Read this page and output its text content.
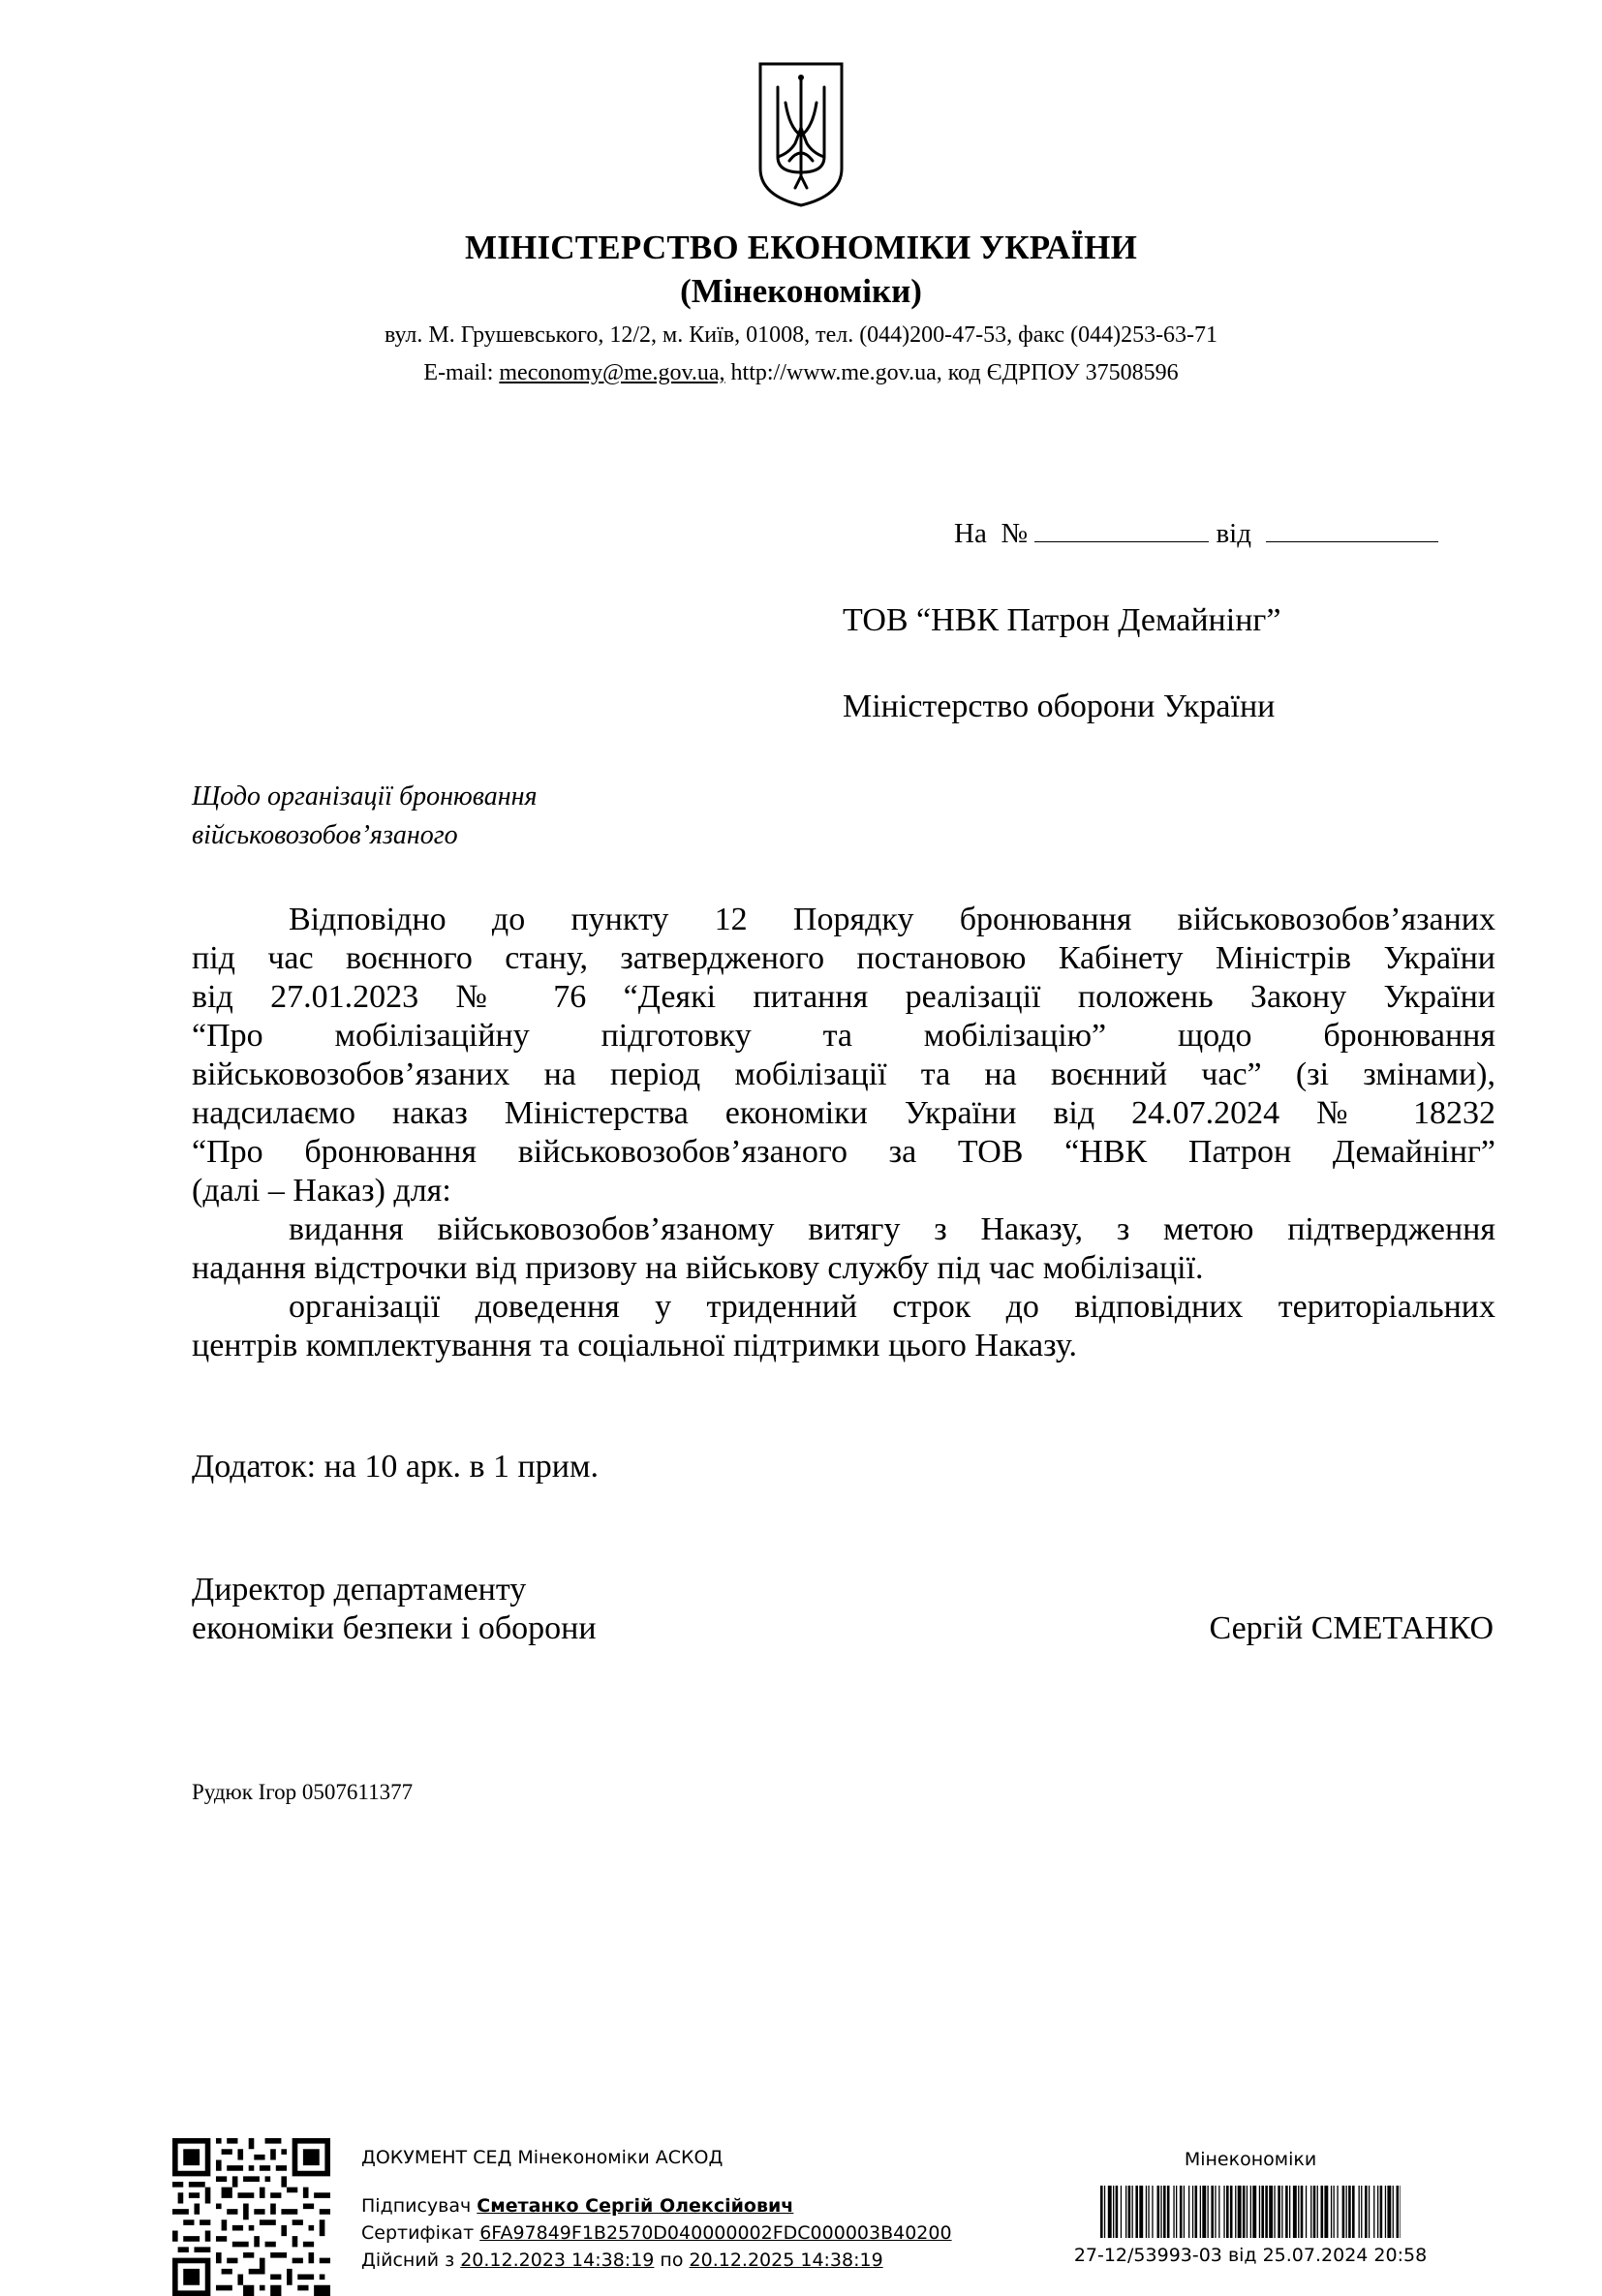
МІНІСТЕРСТВО ЕКОНОМІКИ УКРАЇНИ
(Мінекономіки)
вул. М. Грушевського, 12/2, м. Київ, 01008, тел. (044)200-47-53, факс (044)253-63-71
E-mail: meconomy@me.gov.ua, http://www.me.gov.ua, код ЄДРПОУ 37508596
На  №	від
ТОВ “НВК Патрон Демайнінг”
Міністерство оборони України
Щодо організації бронювання
військовозобов’язаного
Відповідно до пункту 12 Порядку бронювання військовозобов’язаних
під час воєнного стану, затвердженого постановою Кабінету Міністрів України
від 27.01.2023 № 76 “Деякі питання реалізації положень Закону України
“Про мобілізаційну підготовку та мобілізацію” щодо бронювання
військовозобов’язаних на період мобілізації та на воєнний час” (зі змінами),
надсилаємо наказ Міністерства економіки України від 24.07.2024 № 18232
“Про бронювання військовозобов’язаного за ТОВ “НВК Патрон Демайнінг”
(далі – Наказ) для:
видання військовозобов’язаному витягу з Наказу, з метою підтвердження
надання відстрочки від призову на військову службу під час мобілізації.
організації доведення у триденний строк до відповідних територіальних
центрів комплектування та соціальної підтримки цього Наказу.
Додаток: на 10 арк. в 1 прим.
Директор департаменту
економіки безпеки і оборони	Сергій СМЕТАНКО
Рудюк Ігор 0507611377
ДОКУМЕНТ СЕД Мінекономіки АСКОД
Підписувач Сметанко Сергій Олексійович
Сертифікат 6FA97849F1B2570D040000002FDC000003B40200
Дійсний з 20.12.2023 14:38:19 по 20.12.2025 14:38:19
Мінекономіки
27-12/53993-03 від 25.07.2024 20:58
